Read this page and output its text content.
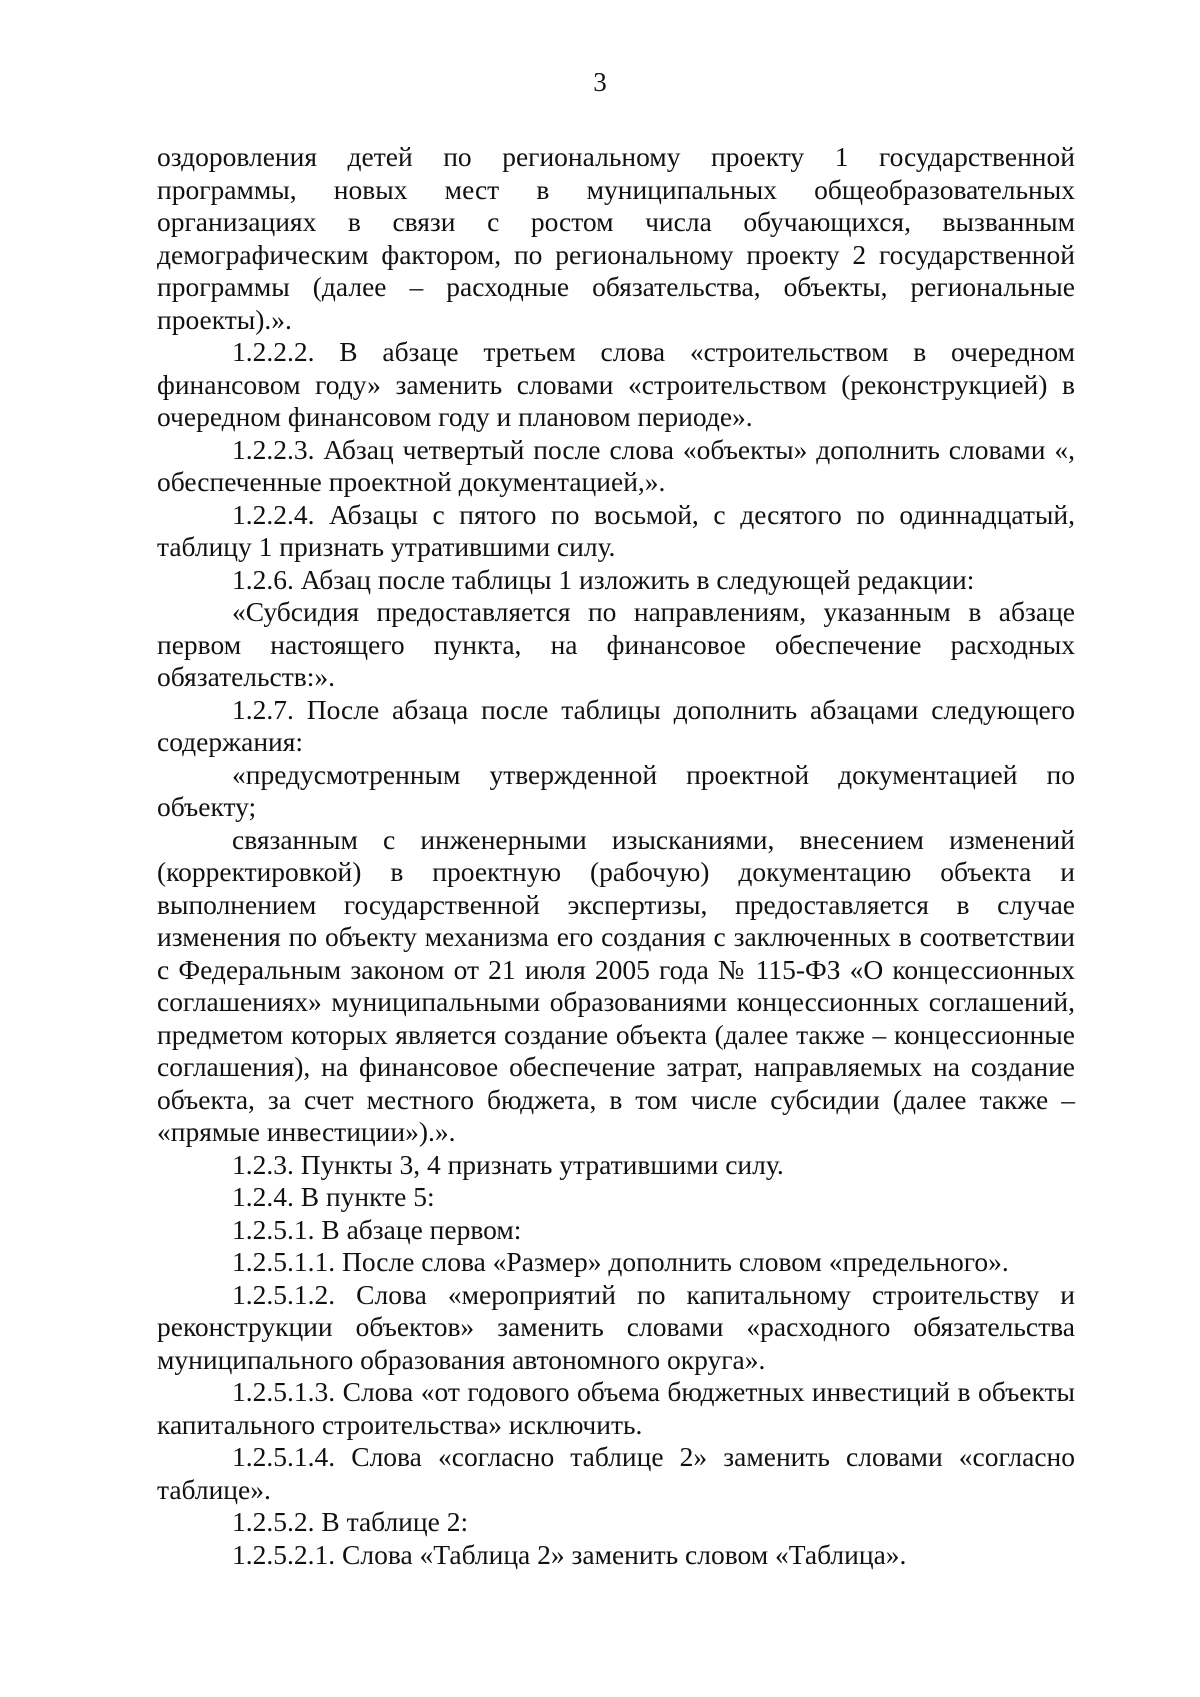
3

оздоровления детей по региональному проекту 1 государственной программы, новых мест в муниципальных общеобразовательных организациях в связи с ростом числа обучающихся, вызванным демографическим фактором, по региональному проекту 2 государственной программы (далее – расходные обязательства, объекты, региональные проекты).».

1.2.2.2. В абзаце третьем слова «строительством в очередном финансовом году» заменить словами «строительством (реконструкцией) в очередном финансовом году и плановом периоде».

1.2.2.3. Абзац четвертый после слова «объекты» дополнить словами «, обеспеченные проектной документацией,».

1.2.2.4. Абзацы с пятого по восьмой, с десятого по одиннадцатый, таблицу 1 признать утратившими силу.

1.2.6. Абзац после таблицы 1 изложить в следующей редакции:

«Субсидия предоставляется по направлениям, указанным в абзаце первом настоящего пункта, на финансовое обеспечение расходных обязательств:».

1.2.7. После абзаца после таблицы дополнить абзацами следующего содержания:

«предусмотренным утвержденной проектной документацией по объекту;

связанным с инженерными изысканиями, внесением изменений (корректировкой) в проектную (рабочую) документацию объекта и выполнением государственной экспертизы, предоставляется в случае изменения по объекту механизма его создания с заключенных в соответствии с Федеральным законом от 21 июля 2005 года № 115-ФЗ «О концессионных соглашениях» муниципальными образованиями концессионных соглашений, предметом которых является создание объекта (далее также – концессионные соглашения), на финансовое обеспечение затрат, направляемых на создание объекта, за счет местного бюджета, в том числе субсидии (далее также – «прямые инвестиции»).».

1.2.3. Пункты 3, 4 признать утратившими силу.

1.2.4. В пункте 5:

1.2.5.1. В абзаце первом:

1.2.5.1.1. После слова «Размер» дополнить словом «предельного».

1.2.5.1.2. Слова «мероприятий по капитальному строительству и реконструкции объектов» заменить словами «расходного обязательства муниципального образования автономного округа».

1.2.5.1.3. Слова «от годового объема бюджетных инвестиций в объекты капитального строительства» исключить.

1.2.5.1.4. Слова «согласно таблице 2» заменить словами «согласно таблице».

1.2.5.2. В таблице 2:

1.2.5.2.1. Слова «Таблица 2» заменить словом «Таблица».
